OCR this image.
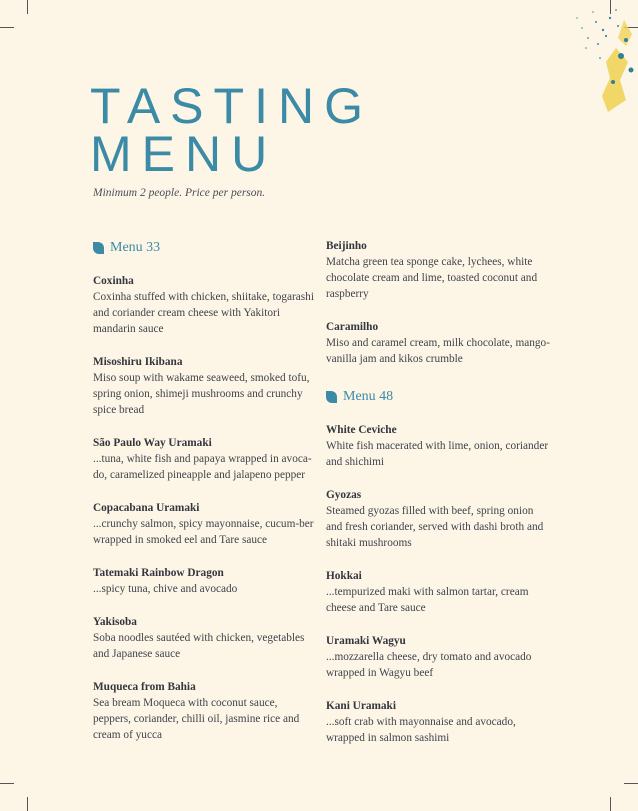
TASTING
MENU
Minimum 2 people. Price per person.
Menu 33
Coxinha
Coxinha stuffed with chicken, shiitake, togarashi and coriander cream cheese with Yakitori mandarin sauce
Misoshiru Ikibana
Miso soup with wakame seaweed, smoked tofu, spring onion, shimeji mushrooms and crunchy spice bread
São Paulo Way Uramaki
...tuna, white fish and papaya wrapped in avoca-do, caramelized pineapple and jalapeno pepper
Copacabana Uramaki
...crunchy salmon, spicy mayonnaise, cucum-ber wrapped in smoked eel and Tare sauce
Tatemaki Rainbow Dragon
...spicy tuna, chive and avocado
Yakisoba
Soba noodles sautéed with chicken, vegetables and Japanese sauce
Muqueca from Bahia
Sea bream Moqueca with coconut sauce, peppers, coriander, chilli oil, jasmine rice and cream of yucca
Beijinho
Matcha green tea sponge cake, lychees, white chocolate cream and lime, toasted coconut and raspberry
Caramilho
Miso and caramel cream, milk chocolate, mango-vanilla jam and kikos crumble
Menu 48
White Ceviche
White fish macerated with lime, onion, coriander and shichimi
Gyozas
Steamed gyozas filled with beef, spring onion and fresh coriander, served with dashi broth and shitaki mushrooms
Hokkai
...tempurized maki with salmon tartar, cream cheese and Tare sauce
Uramaki Wagyu
...mozzarella cheese, dry tomato and avocado wrapped in Wagyu beef
Kani Uramaki
...soft crab with mayonnaise and avocado, wrapped in salmon sashimi
